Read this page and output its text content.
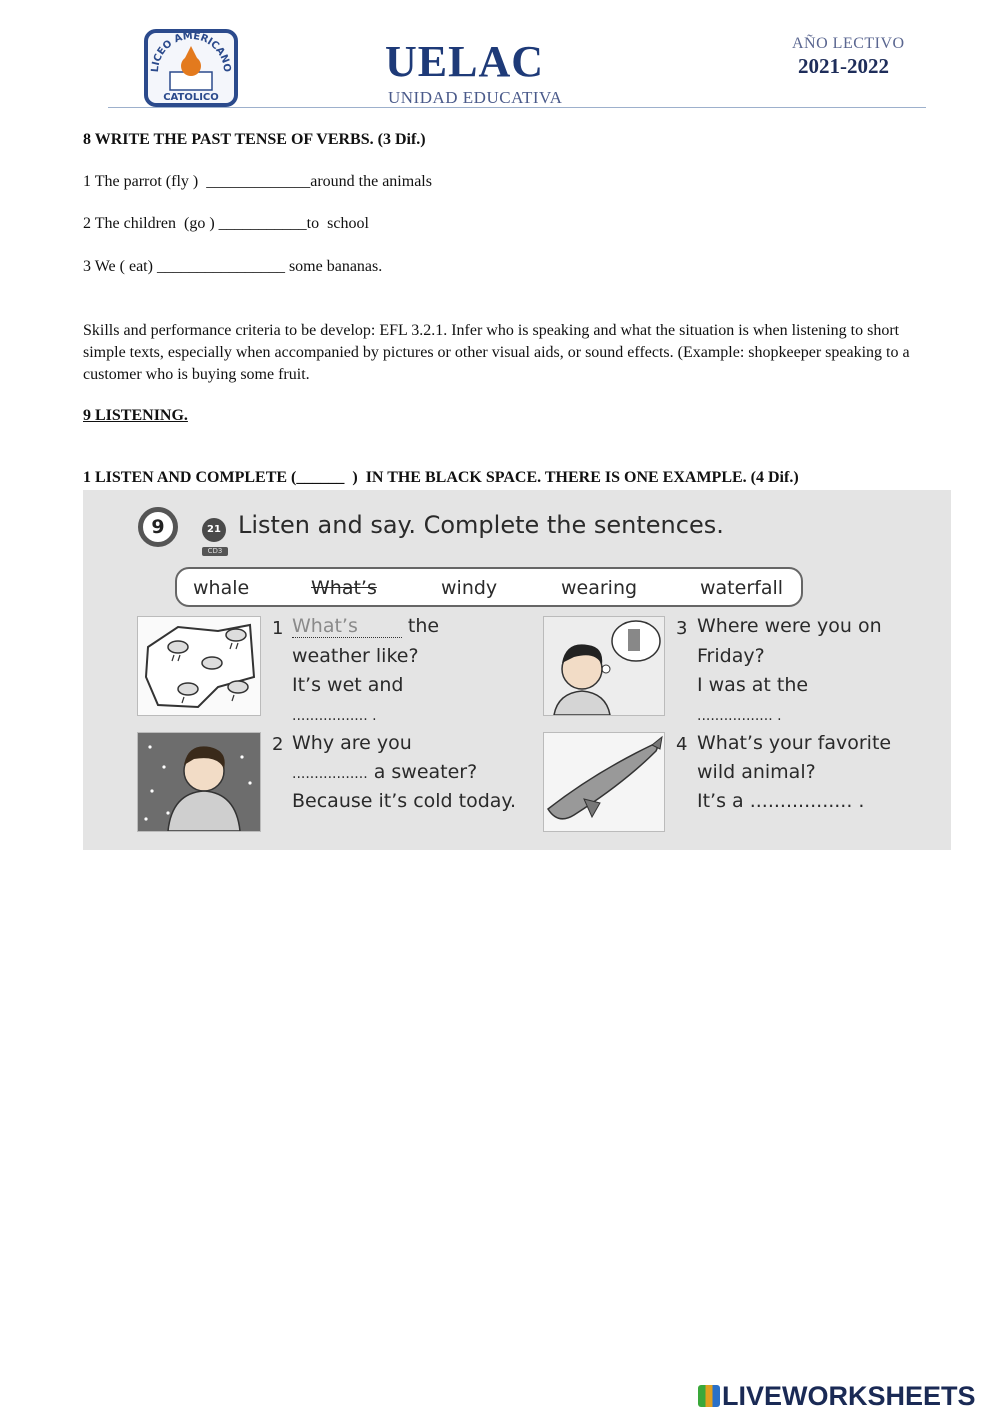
LICEO AMERICANO
CATOLICO
UELAC
UNIDAD EDUCATIVA
AÑO LECTIVO
2021-2022
8 WRITE THE PAST TENSE OF VERBS. (3 Dif.)
1 The parrot (fly )  _____________around the animals
2 The children  (go ) ___________to  school
3 We ( eat) ________________ some bananas.
Skills and performance criteria to be develop: EFL 3.2.1. Infer who is speaking and what the situation is when listening to short simple texts, especially when accompanied by pictures or other visual aids, or sound effects. (Example: shopkeeper speaking to a customer who is buying some fruit.
9 LISTENING.
1 LISTEN AND COMPLETE (______  )  IN THE BLACK SPACE. THERE IS ONE EXAMPLE. (4 Dif.)
9	21
CD3
Listen and say. Complete the sentences.
whale	What’s	windy	wearing	waterfall
1 What’s the
weather like?
It’s wet and
................. .
3 Where were you on
Friday?
I was at the
................. .
2 Why are you
................. a sweater?
Because it’s cold today.
4 What’s your favorite
wild animal?
It’s a ................. .
LIVEWORKSHEETS
